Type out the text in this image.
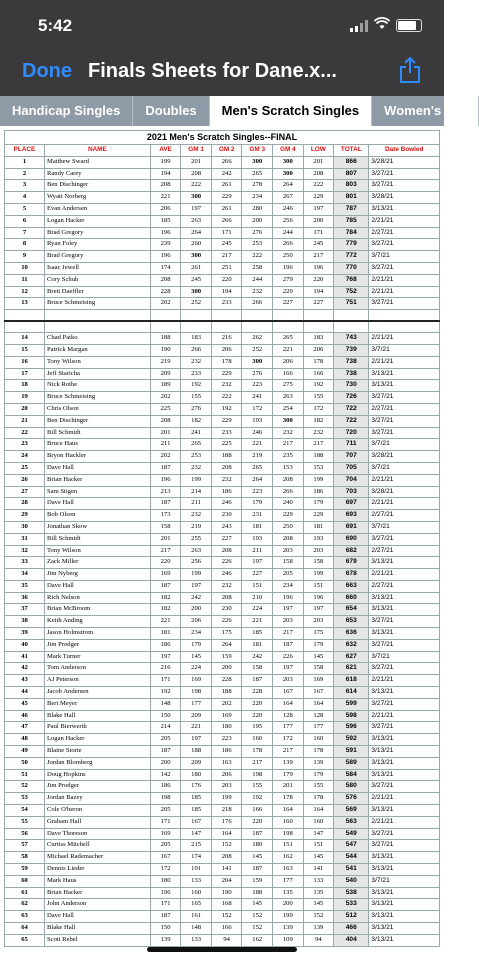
5:42
Done Finals Sheets for Dane.x...
Handicap Singles	Doubles	Men's Scratch Singles	Women's Scr
2021 Men's Scratch Singles--FINAL									
PLACE	NAME	AVE	GM 1	GM 2	GM 3	GM 4	LOW	TOTAL	Date Bowled
1	Matthew Sward	199	201	266	300	300	201	866	3/28/21
2	Randy Carey	194	208	242	265	300	208	807	3/27/21
3	Ben Dischinger	208	222	261	278	264	222	803	3/27/21
4	Wyatt Norberg	221	300	229	234	267	229	801	3/28/21
5	Evan Andersen	206	197	261	280	246	197	787	3/13/21
6	Logan Hacker	185	263	266	200	256	200	785	2/21/21
7	Brad Gregory	196	264	171	276	244	171	784	2/27/21
8	Ryan Foley	239	260	245	253	266	245	779	3/27/21
9	Brad Gregory	196	300	217	222	250	217	772	3/7/21
10	Isaac Jewell	174	261	251	258	196	196	770	3/27/21
11	Cory Schuh	208	245	220	244	279	220	768	2/21/21
12	Brett Daeffler	228	300	194	232	220	194	752	2/21/21
13	Bruce Schmeising	202	252	233	266	227	227	751	3/27/21

14	Chad Patko	188	183	216	262	265	183	743	2/21/21
15	Patrick Margan	190	266	206	252	221	206	739	3/7/21
16	Tony Wilson	219	232	178	300	206	178	738	2/21/21
17	Jeff Staricha	209	233	229	276	166	166	738	3/13/21
18	Nick Rothe	189	192	232	223	275	192	730	3/13/21
19	Bruce Schmeising	202	155	222	241	263	155	726	3/27/21
20	Chris Olson	225	276	192	172	254	172	722	2/27/21
21	Ben Dischinger	208	182	229	193	300	182	722	3/27/21
22	Bill Schmidt	201	241	233	246	232	232	720	3/27/21
23	Bruce Haus	211	265	225	221	217	217	711	3/7/21
24	Bryon Hackler	202	253	188	219	235	188	707	3/28/21
25	Dave Hall	187	232	208	265	153	153	705	3/7/21
26	Brian Hacker	196	199	232	264	208	199	704	2/21/21
27	Sam Stigen	213	214	186	223	266	186	703	3/28/21
28	Dave Hall	187	211	246	179	240	179	697	2/21/21
29	Bob Olson	173	232	230	231	229	229	693	2/27/21
30	Jonathan Skow	158	219	243	181	250	181	691	3/7/21
31	Bill Schmidt	201	255	227	193	208	193	690	3/27/21
32	Tony Wilson	217	263	208	211	203	203	682	2/27/21
33	Zack Miller	220	256	226	197	158	158	679	3/13/21
34	Jim Nyberg	169	199	246	227	205	199	678	2/21/21
35	Dave Hall	187	197	232	151	234	151	663	2/27/21
36	Rich Nelson	182	242	208	210	196	196	660	3/13/21
37	Brian McBroom	182	200	230	224	197	197	654	3/13/21
38	Keith Anding	221	206	226	221	203	203	653	3/27/21
39	Jason Holmstrom	181	234	175	185	217	175	636	3/13/21
40	Jim Prodger	186	179	264	181	187	179	632	3/27/21
41	Mark Turner	197	145	159	242	226	145	627	3/7/21
42	Tom Anderson	216	224	200	158	197	158	621	3/27/21
43	AJ Peterson	171	169	228	187	203	169	618	2/21/21
44	Jacob Andersen	192	198	188	228	167	167	614	3/13/21
45	Bert Meyer	148	177	202	220	164	164	599	3/27/21
46	Blake Hall	150	209	169	220	128	128	598	2/21/21
47	Paul Bierwerth	214	221	180	195	177	177	596	3/27/21
48	Logan Hacker	205	197	223	160	172	160	592	3/13/21
49	Blaine Storie	187	188	186	178	217	178	591	3/13/21
50	Jordan Blomberg	200	209	163	217	139	139	589	3/13/21
51	Doug Hopkins	142	180	206	198	179	179	584	3/13/21
52	Jim Prodger	186	176	203	155	201	155	580	3/27/21
53	Jordan Bazey	198	185	199	192	178	178	576	2/21/21
54	Cole O'heron	205	185	218	166	164	164	569	3/13/21
55	Graham Hall	171	167	176	220	160	160	563	2/21/21
56	Dave Thoreson	169	147	164	187	198	147	549	3/27/21
57	Curtiss Mitchell	205	215	152	180	151	151	547	3/27/21
58	Michael Rademacher	167	174	208	145	162	145	544	3/13/21
59	Dennis Lieder	172	191	141	187	163	141	541	3/13/21
60	Mark Haus	180	133	204	159	177	133	540	3/7/21
61	Brian Hacker	196	160	190	188	135	135	538	3/13/21
62	John Anderson	171	165	168	145	200	145	533	3/13/21
63	Dave Hall	187	161	152	152	199	152	512	3/13/21
64	Blake Hall	150	148	166	152	139	139	466	3/13/21
65	Scott Rebel	139	133	94	162	109	94	404	3/13/21
